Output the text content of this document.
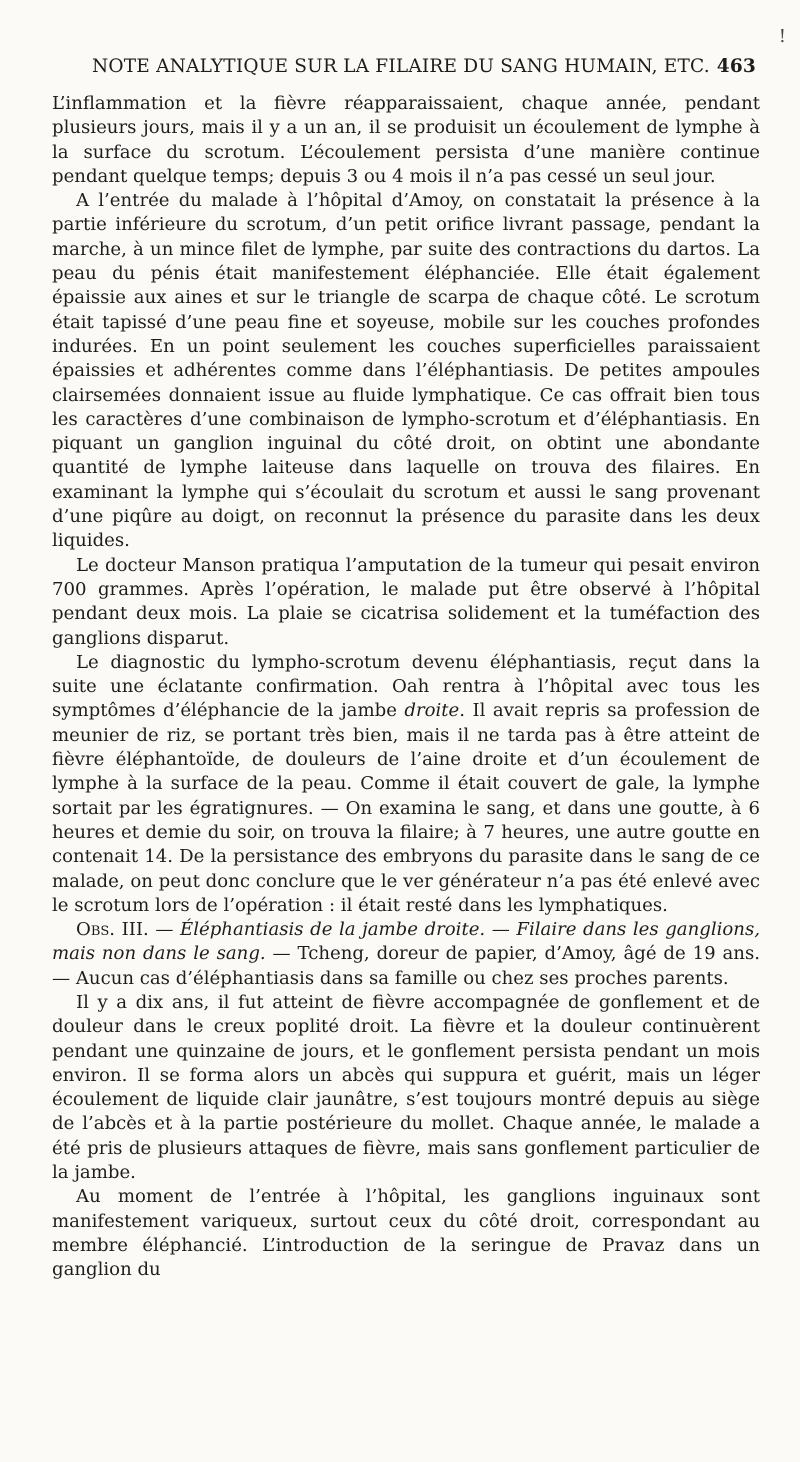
!
NOTE ANALYTIQUE SUR LA FILAIRE DU SANG HUMAIN, ETC. 463

L’inflammation et la fièvre réapparaissaient, chaque année, pendant plusieurs jours, mais il y a un an, il se produisit un écoulement de lymphe à la surface du scrotum. L’écoulement persista d’une manière continue pendant quelque temps; depuis 3 ou 4 mois il n’a pas cessé un seul jour.

A l’entrée du malade à l’hôpital d’Amoy, on constatait la présence à la partie inférieure du scrotum, d’un petit orifice livrant passage, pendant la marche, à un mince filet de lymphe, par suite des contractions du dartos. La peau du pénis était manifestement éléphanciée. Elle était également épaissie aux aines et sur le triangle de scarpa de chaque côté. Le scrotum était tapissé d’une peau fine et soyeuse, mobile sur les couches profondes indurées. En un point seulement les couches superficielles paraissaient épaissies et adhérentes comme dans l’éléphantiasis. De petites ampoules clairsemées donnaient issue au fluide lymphatique. Ce cas offrait bien tous les caractères d’une combinaison de lympho-scrotum et d’éléphantiasis. En piquant un ganglion inguinal du côté droit, on obtint une abondante quantité de lymphe laiteuse dans laquelle on trouva des filaires. En examinant la lymphe qui s’écoulait du scrotum et aussi le sang provenant d’une piqûre au doigt, on reconnut la présence du parasite dans les deux liquides.

Le docteur Manson pratiqua l’amputation de la tumeur qui pesait environ 700 grammes. Après l’opération, le malade put être observé à l’hôpital pendant deux mois. La plaie se cicatrisa solidement et la tuméfaction des ganglions disparut.

Le diagnostic du lympho-scrotum devenu éléphantiasis, reçut dans la suite une éclatante confirmation. Oah rentra à l’hôpital avec tous les symptômes d’éléphancie de la jambe droite. Il avait repris sa profession de meunier de riz, se portant très bien, mais il ne tarda pas à être atteint de fièvre éléphantoïde, de douleurs de l’aine droite et d’un écoulement de lymphe à la surface de la peau. Comme il était couvert de gale, la lymphe sortait par les égratignures. — On examina le sang, et dans une goutte, à 6 heures et demie du soir, on trouva la filaire; à 7 heures, une autre goutte en contenait 14. De la persistance des embryons du parasite dans le sang de ce malade, on peut donc conclure que le ver générateur n’a pas été enlevé avec le scrotum lors de l’opération : il était resté dans les lymphatiques.

Obs. III. — Éléphantiasis de la jambe droite. — Filaire dans les ganglions, mais non dans le sang. — Tcheng, doreur de papier, d’Amoy, âgé de 19 ans. — Aucun cas d’éléphantiasis dans sa famille ou chez ses proches parents.

Il y a dix ans, il fut atteint de fièvre accompagnée de gonflement et de douleur dans le creux poplité droit. La fièvre et la douleur continuèrent pendant une quinzaine de jours, et le gonflement persista pendant un mois environ. Il se forma alors un abcès qui suppura et guérit, mais un léger écoulement de liquide clair jaunâtre, s’est toujours montré depuis au siège de l’abcès et à la partie postérieure du mollet. Chaque année, le malade a été pris de plusieurs attaques de fièvre, mais sans gonflement particulier de la jambe.

Au moment de l’entrée à l’hôpital, les ganglions inguinaux sont manifestement variqueux, surtout ceux du côté droit, correspondant au membre éléphancié. L’introduction de la seringue de Pravaz dans un ganglion du
